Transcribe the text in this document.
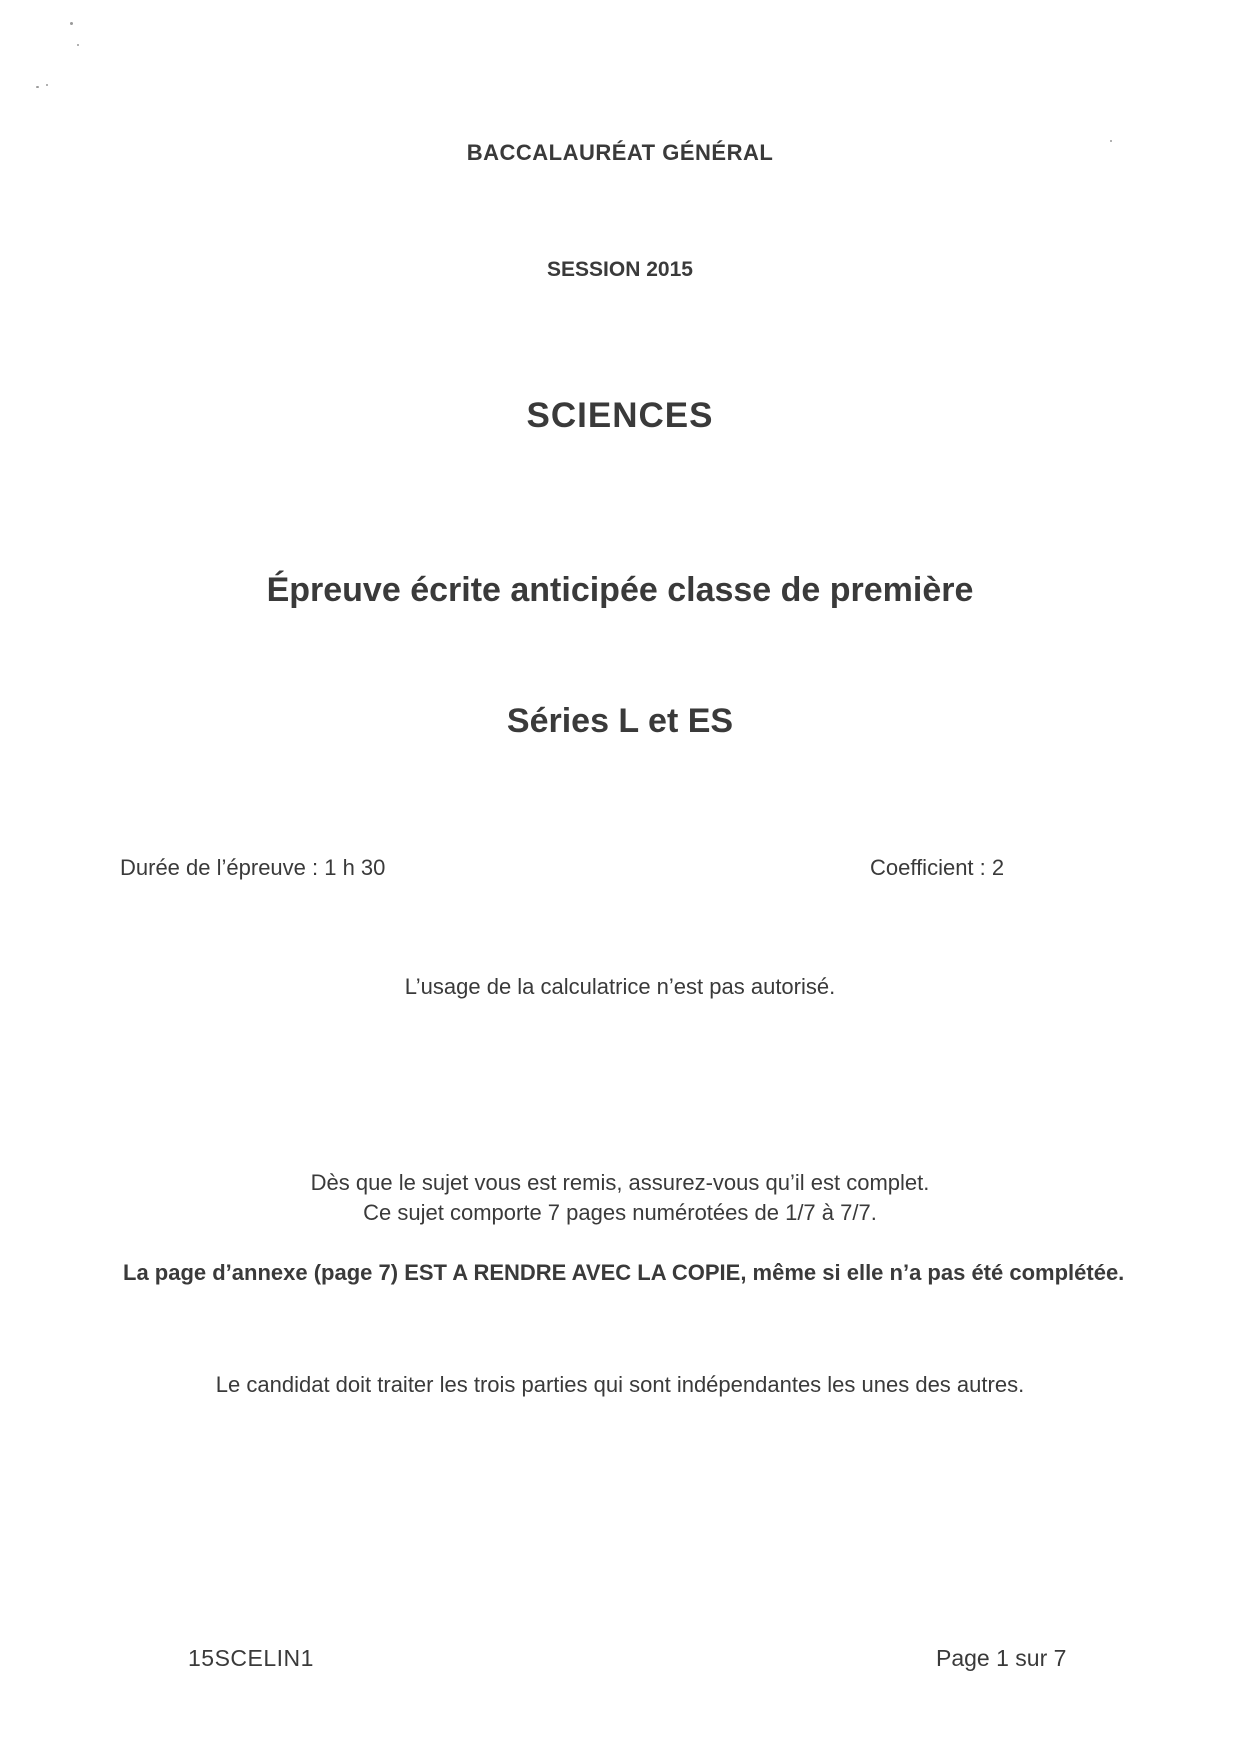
BACCALAURÉAT GÉNÉRAL
SESSION 2015
SCIENCES
Épreuve écrite anticipée classe de première
Séries L et ES
Durée de l’épreuve : 1 h 30	Coefficient : 2
L’usage de la calculatrice n’est pas autorisé.
Dès que le sujet vous est remis, assurez-vous qu’il est complet.
Ce sujet comporte 7 pages numérotées de 1/7 à 7/7.
La page d’annexe (page 7) EST A RENDRE AVEC LA COPIE, même si elle n’a pas été complétée.
Le candidat doit traiter les trois parties qui sont indépendantes les unes des autres.
15SCELIN1	Page 1 sur 7
